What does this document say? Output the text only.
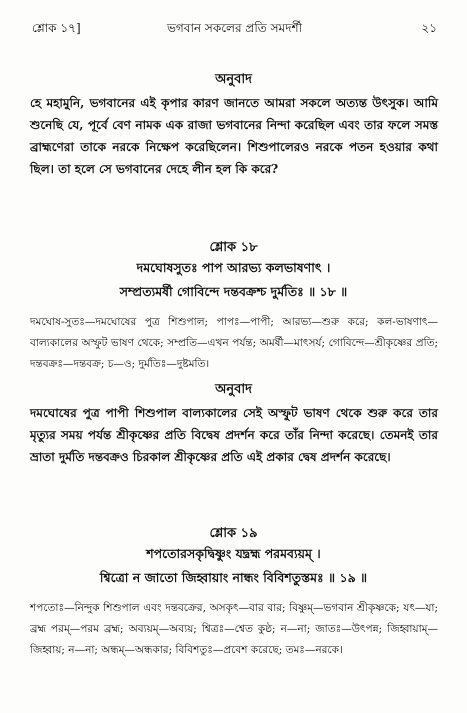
শ্লোক ১৭]	ভগবান সকলের প্রতি সমদর্শী	২১
অনুবাদ
হে মহামুনি, ভগবানের এই কৃপার কারণ জানতে আমরা সকলে অত্যন্ত উৎসুক। আমি শুনেছি যে, পূর্বে বেণ নামক এক রাজা ভগবানের নিন্দা করেছিল এবং তার ফলে সমস্ত ব্রাহ্মণেরা তাকে নরকে নিক্ষেপ করেছিলেন। শিশুপালেরও নরকে পতন হওয়ার কথা ছিল। তা হলে সে ভগবানের দেহে লীন হল কি করে?
শ্লোক ১৮
দমঘোষসুতঃ পাপ আরভ্য কলভাষণাৎ ।
সম্প্রত্যমর্ষী গোবিন্দে দন্তবক্রশ্চ দুর্মতিঃ ॥ ১৮ ॥
দমঘোষ-সুতঃ—দমঘোষের পুত্র শিশুপাল; পাপঃ—পাপী; আরভ্য—শুরু করে; কল-ভাষণাৎ—বাল্যকালের অস্ফুট ভাষণ থেকে; সম্প্রতি—এখন পর্যন্ত; অমর্ষী—মাৎসর্য; গোবিন্দে—শ্রীকৃষ্ণের প্রতি; দন্তবক্রঃ—দন্তবক্র; চ—ও; দুর্মতিঃ—দুষ্টমতি।
অনুবাদ
দমঘোষের পুত্র পাপী শিশুপাল বাল্যকালের সেই অস্ফুট ভাষণ থেকে শুরু করে তার মৃত্যুর সময় পর্যন্ত শ্রীকৃষ্ণের প্রতি বিদ্বেষ প্রদর্শন করে তাঁর নিন্দা করেছে। তেমনই তার ভ্রাতা দুর্মতি দন্তবক্রও চিরকাল শ্রীকৃষ্ণের প্রতি এই প্রকার দ্বেষ প্রদর্শন করেছে।
শ্লোক ১৯
শপতোরসকৃদ্বিষ্ণুং যদ্ব্রহ্ম পরমব্যয়ম্ ।
শ্বিত্রো ন জাতো জিহ্বায়াং নান্ধং বিবিশতুস্তমঃ ॥ ১৯ ॥
শপতোঃ—নিন্দুক শিশুপাল এবং দন্তবক্রের, অসকৃৎ—বার বার; বিষ্ণুম্—ভগবান শ্রীকৃষ্ণকে; যৎ—যা; ব্রহ্ম পরম্—পরম ব্রহ্ম; অব্যয়ম্—অব্যয়; শ্বিত্রঃ—শ্বেত কুষ্ঠ; ন—না; জাতঃ—উৎপন্ন; জিহ্বায়াম্—জিহ্বায়; ন—না; অন্ধম্—অন্ধকার; বিবিশতুঃ—প্রবেশ করেছে; তমঃ—নরকে।
